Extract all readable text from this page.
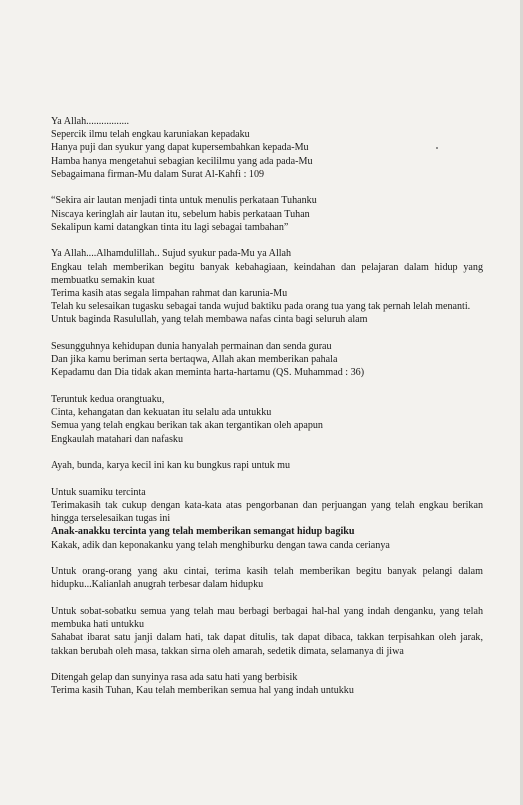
Ya Allah.................
Sepercik ilmu telah engkau karuniakan kepadaku
Hanya puji dan syukur yang dapat kupersembahkan kepada-Mu
Hamba hanya mengetahui sebagian kecililmu yang ada pada-Mu
Sebagaimana firman-Mu dalam Surat Al-Kahfi : 109
“Sekira air lautan menjadi tinta untuk menulis perkataan Tuhanku
Niscaya keringlah air lautan itu, sebelum habis perkataan Tuhan
Sekalipun kami datangkan tinta itu lagi sebagai tambahan”
Ya Allah....Alhamdulillah.. Sujud syukur pada-Mu ya Allah
Engkau telah memberikan begitu banyak kebahagiaan, keindahan dan pelajaran dalam hidup yang membuatku semakin kuat
Terima kasih atas segala limpahan rahmat dan karunia-Mu
Telah ku selesaikan tugasku sebagai tanda wujud baktiku pada orang tua yang tak pernah lelah menanti.
Untuk baginda Rasulullah, yang telah membawa nafas cinta bagi seluruh alam
Sesungguhnya kehidupan dunia hanyalah permainan dan senda gurau
Dan jika kamu beriman serta bertaqwa, Allah akan memberikan pahala
Kepadamu dan Dia tidak akan meminta harta-hartamu (QS. Muhammad : 36)
Teruntuk kedua orangtuaku,
Cinta, kehangatan dan kekuatan itu selalu ada untukku
Semua yang telah engkau berikan tak akan tergantikan oleh apapun
Engkaulah matahari dan nafasku
Ayah, bunda, karya kecil ini kan ku bungkus rapi untuk mu
Untuk suamiku tercinta
Terimakasih tak cukup dengan kata-kata atas pengorbanan dan perjuangan yang telah engkau berikan hingga terselesaikan tugas ini
Anak-anakku tercinta yang telah memberikan semangat hidup bagiku
Kakak, adik dan keponakanku yang telah menghiburku dengan tawa canda cerianya
Untuk orang-orang yang aku cintai, terima kasih telah memberikan begitu banyak pelangi dalam hidupku...Kalianlah anugrah terbesar dalam hidupku
Untuk sobat-sobatku semua yang telah mau berbagi berbagai hal-hal yang indah denganku, yang telah membuka hati untukku
Sahabat ibarat satu janji dalam hati, tak dapat ditulis, tak dapat dibaca, takkan terpisahkan oleh jarak, takkan berubah oleh masa, takkan sirna oleh amarah, sedetik dimata, selamanya di jiwa
Ditengah gelap dan sunyinya rasa ada satu hati yang berbisik
Terima kasih Tuhan, Kau telah memberikan semua hal yang indah untukku
